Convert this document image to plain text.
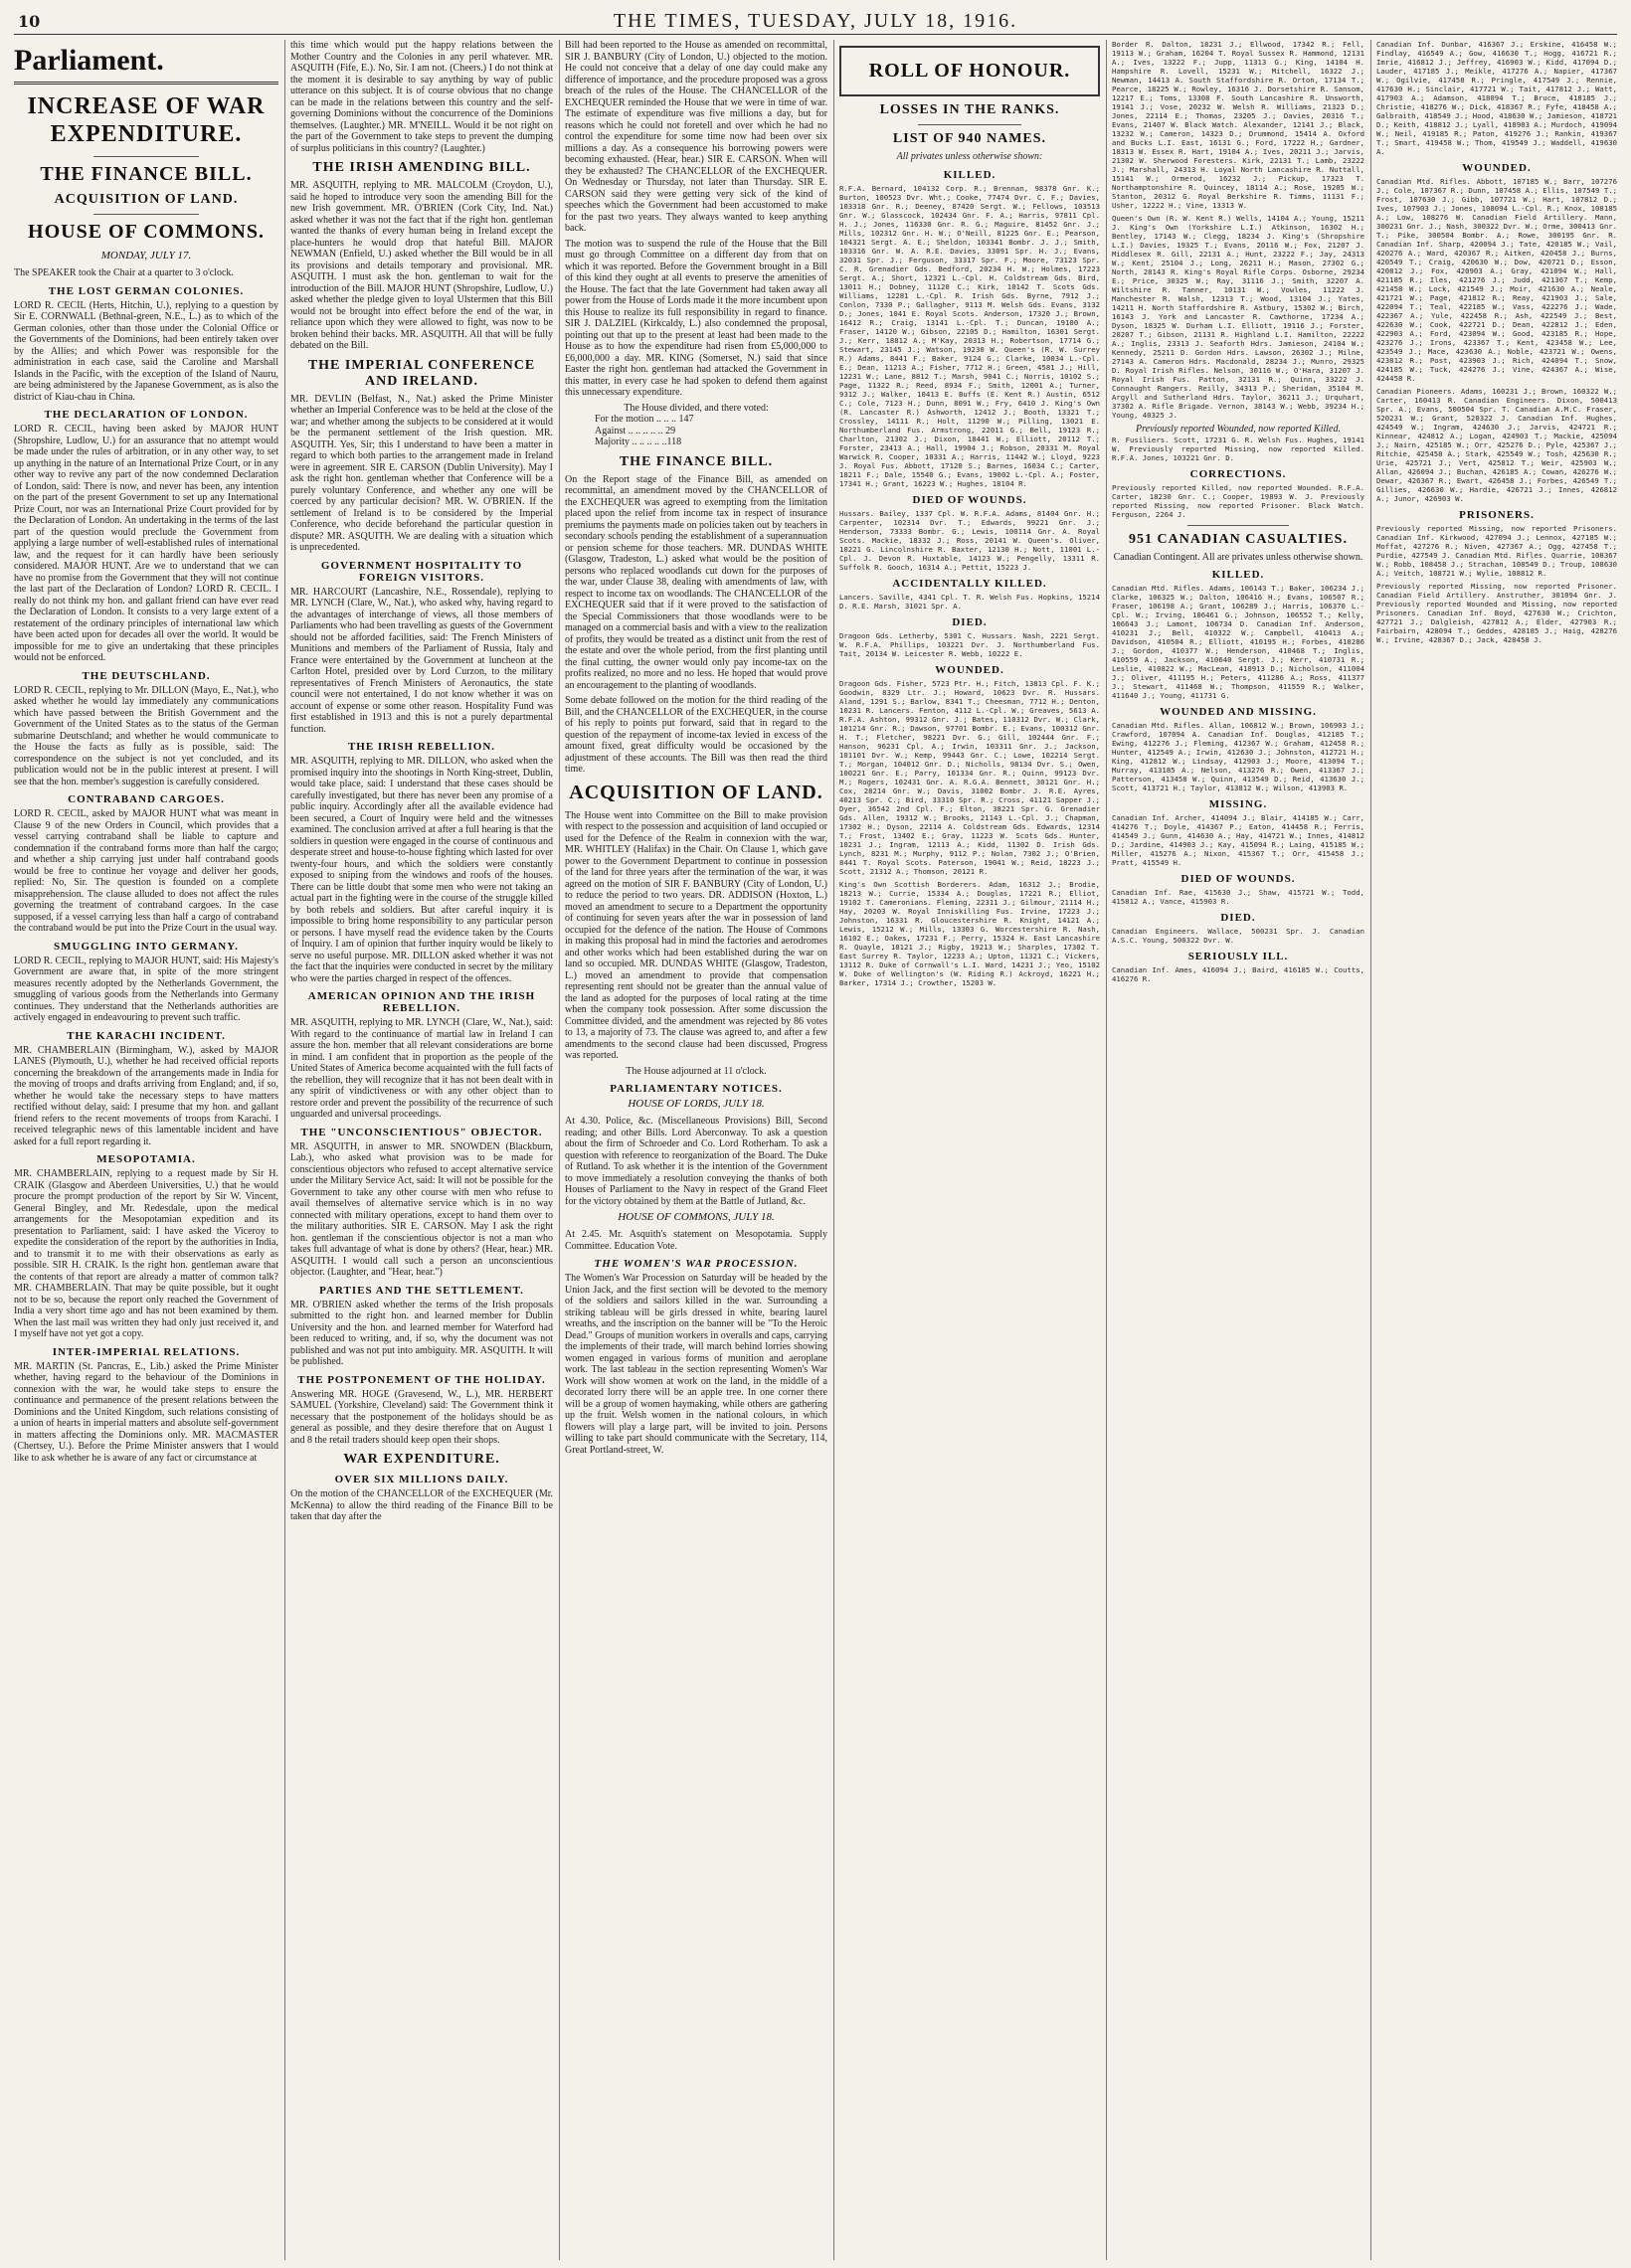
10	THE TIMES, TUESDAY, JULY 18, 1916.
Parliament.
INCREASE OF WAR EXPENDITURE.
THE FINANCE BILL.
ACQUISITION OF LAND.
HOUSE OF COMMONS.
MONDAY, JULY 17.
The SPEAKER took the Chair at a quarter to 3 o'clock.
THE LOST GERMAN COLONIES.
LORD R. CECIL (Herts, Hitchin, U.), replying to a question by Sir E. CORNWALL (Bethnal-green, N.E., L.) as to which of the German colonies, other than those under the Colonial Office or the Governments of the Dominions, had been entirely taken over by the Allies; and which Power was responsible for the administration in each case, said the Caroline and Marshall Islands in the Pacific, with the exception of the Island of Nauru, are being administered by the Japanese Government, as is also the district of Kiau-chau in China.
THE DECLARATION OF LONDON.
LORD R. CECIL, having been asked by MAJOR HUNT (Shropshire, Ludlow, U.) for an assurance that no attempt would be made under the rules of arbitration, or in any other way, to set up anything in the nature of an International Prize Court, or in any other way to revive any part of the now condemned Declaration of London, said: There is now, and never has been, any intention on the part of the present Government to set up any International Prize Court, nor was an International Prize Court provided for by the Declaration of London. An undertaking in the terms of the last part of the question would preclude the Government from applying a large number of well-established rules of international law, and the request for it can hardly have been seriously considered. MAJOR HUNT. Are we to understand that we can have no promise from the Government that they will not continue the last part of the Declaration of London? LORD R. CECIL. I really do not think my hon. and gallant friend can have ever read the Declaration of London. It consists to a very large extent of a restatement of the ordinary principles of international law which have been acted upon for decades all over the world. It would be impossible for me to give an undertaking that these principles would not be enforced.
THE DEUTSCHLAND.
LORD R. CECIL, replying to Mr. DILLON (Mayo, E., Nat.), who asked whether he would lay immediately any communications which have passed between the British Government and the Government of the United States as to the status of the German submarine Deutschland; and whether he would communicate to the House the facts as fully as is possible, said: The correspondence on the subject is not yet concluded, and its publication would not be in the public interest at present. I will see that the hon. member's suggestion is carefully considered.
CONTRABAND CARGOES.
LORD R. CECIL, asked by MAJOR HUNT what was meant in Clause 9 of the new Orders in Council, which provides that a vessel carrying contraband shall be liable to capture and condemnation if the contraband forms more than half the cargo; and whether a ship carrying just under half contraband goods would be free to continue her voyage and deliver her goods, replied: No, Sir. The question is founded on a complete misapprehension. The clause alluded to does not affect the rules governing the treatment of contraband cargoes. In the case supposed, if a vessel carrying less than half a cargo of contraband the contraband would be put into the Prize Court in the usual way.
SMUGGLING INTO GERMANY.
LORD R. CECIL, replying to MAJOR HUNT, said: His Majesty's Government are aware that, in spite of the more stringent measures recently adopted by the Netherlands Government, the smuggling of various goods from the Netherlands into Germany continues. They understand that the Netherlands authorities are actively engaged in endeavouring to prevent such traffic.
THE KARACHI INCIDENT.
MR. CHAMBERLAIN (Birmingham, W.), asked by MAJOR LANES (Plymouth, U.), whether he had received official reports concerning the breakdown of the arrangements made in India for the moving of troops and drafts arriving from England; and, if so, whether he would take the necessary steps to have matters rectified without delay, said: I presume that my hon. and gallant friend refers to the recent movements of troops from Karachi. I received telegraphic news of this lamentable incident and have asked for a full report regarding it.
MESOPOTAMIA.
MR. CHAMBERLAIN, replying to a request made by Sir H. CRAIK (Glasgow and Aberdeen Universities, U.) that he would procure the prompt production of the report by Sir W. Vincent, General Bingley, and Mr. Redesdale, upon the medical arrangements for the Mesopotamian expedition and its presentation to Parliament, said: I have asked the Viceroy to expedite the consideration of the report by the authorities in India, and to transmit it to me with their observations as early as possible. SIR H. CRAIK. Is the right hon. gentleman aware that the contents of that report are already a matter of common talk? MR. CHAMBERLAIN. That may be quite possible, but it ought not to be so, because the report only reached the Government of India a very short time ago and has not been examined by them. When the last mail was written they had only just received it, and I myself have not yet got a copy.
INTER-IMPERIAL RELATIONS.
MR. MARTIN (St. Pancras, E., Lib.) asked the Prime Minister whether, having regard to the behaviour of the Dominions in connexion with the war, he would take steps to ensure the continuance and permanence of the present relations between the Dominions and the United Kingdom, such relations consisting of a union of hearts in imperial matters and absolute self-government in matters affecting the Dominions only. MR. MACMASTER (Chertsey, U.). Before the Prime Minister answers that I would like to ask whether he is aware of any fact or circumstance at
this time which would put the happy relations between the Mother Country and the Colonies in any peril whatever. MR. ASQUITH (Fife, E.). No, Sir. I am not. (Cheers.) I do not think at the moment it is desirable to say anything by way of public utterance on this subject. It is of course obvious that no change can be made in the relations between this country and the self-governing Dominions without the concurrence of the Dominions themselves. (Laughter.) MR. M'NEILL. Would it be not right on the part of the Government to take steps to prevent the dumping of surplus politicians in this country? (Laughter.)
THE IRISH AMENDING BILL.
MR. ASQUITH, replying to MR. MALCOLM (Croydon, U.), said he hoped to introduce very soon the amending Bill for the new Irish government. MR. O'BRIEN (Cork City, Ind. Nat.) asked whether it was not the fact that if the right hon. gentleman wanted the thanks of every human being in Ireland except the place-hunters he would drop that hateful Bill. MAJOR NEWMAN (Enfield, U.) asked whether the Bill would be in all its provisions and details temporary and provisional. MR. ASQUITH. I must ask the hon. gentleman to wait for the introduction of the Bill. MAJOR HUNT (Shropshire, Ludlow, U.) asked whether the pledge given to loyal Ulstermen that this Bill would not be brought into effect before the end of the war, in reliance upon which they were allowed to fight, was now to be broken behind their backs. MR. ASQUITH. All that will be fully debated on the Bill.
THE IMPERIAL CONFERENCE AND IRELAND.
MR. DEVLIN (Belfast, N., Nat.) asked the Prime Minister whether an Imperial Conference was to be held at the close of the war; and whether among the subjects to be considered at it would be the permanent settlement of the Irish question. MR. ASQUITH. Yes, Sir; this I understand to have been a matter in regard to which both parties to the arrangement made in Ireland were in agreement. SIR E. CARSON (Dublin University). May I ask the right hon. gentleman whether that Conference will be a purely voluntary Conference, and whether any one will be coerced by any particular decision? MR. W. O'BRIEN. If the settlement of Ireland is to be considered by the Imperial Conference, who decide beforehand the particular question in dispute? MR. ASQUITH. We are dealing with a situation which is unprecedented.
GOVERNMENT HOSPITALITY TO FOREIGN VISITORS.
MR. HARCOURT (Lancashire, N.E., Rossendale), replying to MR. LYNCH (Clare, W., Nat.), who asked why, having regard to the advantages of interchange of views, all those members of Parliaments who had been travelling as guests of the Government should not be afforded facilities, said: The French Ministers of Munitions and members of the Parliament of Russia, Italy and France were entertained by the Government at luncheon at the Carlton Hotel, presided over by Lord Curzon, to the military representatives of French Ministers of Aeronautics, the state council were not entertained, I do not know whether it was on account of expense or some other reason. Hospitality Fund was first established in 1913 and this is not a purely departmental function.
THE IRISH REBELLION.
MR. ASQUITH, replying to MR. DILLON, who asked when the promised inquiry into the shootings in North King-street, Dublin, would take place, said: I understand that these cases should be carefully investigated, but there has never been any promise of a public inquiry. Accordingly after all the available evidence had been secured, a Court of Inquiry were held and the witnesses examined. The conclusion arrived at after a full hearing is that the soldiers in question were engaged in the course of continuous and desperate street and house-to-house fighting which lasted for over twenty-four hours, and which the soldiers were constantly exposed to sniping from the windows and roofs of the houses. There can be little doubt that some men who were not taking an actual part in the fighting were in the course of the struggle killed by both rebels and soldiers. But after careful inquiry it is impossible to bring home responsibility to any particular person or persons. I have myself read the evidence taken by the Courts of Inquiry. I am of opinion that further inquiry would be likely to serve no useful purpose. MR. DILLON asked whether it was not the fact that the inquiries were conducted in secret by the military who were the parties charged in respect of the offences.
AMERICAN OPINION AND THE IRISH REBELLION.
MR. ASQUITH, replying to MR. LYNCH (Clare, W., Nat.), said: With regard to the continuance of martial law in Ireland I can assure the hon. member that all relevant considerations are borne in mind. I am confident that in proportion as the people of the United States of America become acquainted with the full facts of the rebellion, they will recognize that it has not been dealt with in any spirit of vindictiveness or with any other object than to restore order and prevent the possibility of the recurrence of such unguarded and universal proceedings.
THE "UNCONSCIENTIOUS" OBJECTOR.
MR. ASQUITH, in answer to MR. SNOWDEN (Blackburn, Lab.), who asked what provision was to be made for conscientious objectors who refused to accept alternative service under the Military Service Act, said: It will not be possible for the Government to take any other course with men who refuse to avail themselves of alternative service which is in no way connected with military operations, except to hand them over to the military authorities. SIR E. CARSON. May I ask the right hon. gentleman if the conscientious objector is not a man who takes full advantage of what is done by others? (Hear, hear.) MR. ASQUITH. I would call such a person an unconscientious objector. (Laughter, and "Hear, hear.")
PARTIES AND THE SETTLEMENT.
MR. O'BRIEN asked whether the terms of the Irish proposals submitted to the right hon. and learned member for Dublin University and the hon. and learned member for Waterford had been reduced to writing, and, if so, why the document was not published and was not put into ambiguity. MR. ASQUITH. It will be published.
THE POSTPONEMENT OF THE HOLIDAY.
Answering MR. HOGE (Gravesend, W., L.), MR. HERBERT SAMUEL (Yorkshire, Cleveland) said: The Government think it necessary that the postponement of the holidays should be as general as possible, and they desire therefore that on August 1 and 8 the retail traders should keep open their shops.
WAR EXPENDITURE.
OVER SIX MILLIONS DAILY.
On the motion of the CHANCELLOR of the EXCHEQUER (Mr. McKenna) to allow the third reading of the Finance Bill to be taken that day after the
Bill had been reported to the House as amended on recommittal, SIR J. BANBURY (City of London, U.) objected to the motion. He could not conceive that a delay of one day could make any difference of importance, and the procedure proposed was a gross breach of the rules of the House. The CHANCELLOR of the EXCHEQUER reminded the House that we were in time of war. The estimate of expenditure was five millions a day, but for reasons which he could not foretell and over which he had no control the expenditure for some time now had been over six millions a day. As a consequence his borrowing powers were becoming exhausted. (Hear, hear.) SIR E. CARSON. When will they be exhausted? The CHANCELLOR of the EXCHEQUER. On Wednesday or Thursday, not later than Thursday. SIR E. CARSON said they were getting very sick of the kind of speeches which the Government had been accustomed to make for the past two years. They always wanted to keep anything back.
The motion was to suspend the rule of the House that the Bill must go through Committee on a different day from that on which it was reported. Before the Government brought in a Bill of this kind they ought at all events to preserve the amenities of the House. The fact that the late Government had taken away all power from the House of Lords made it the more incumbent upon this House to realize its full responsibility in regard to finance. SIR J. DALZIEL (Kirkcaldy, L.) also condemned the proposal, pointing out that up to the present at least had been made to the House as to how the expenditure had risen from £5,000,000 to £6,000,000 a day. MR. KING (Somerset, N.) said that since Easter the right hon. gentleman had attacked the Government in this matter, in every case he had spoken to defend them against this unnecessary expenditure.
The House divided, and there voted:
For the motion .. .. .. 147
Against .. .. .. .. .. 29
Majority .. .. .. .. ..118
THE FINANCE BILL.
On the Report stage of the Finance Bill, as amended on recommittal, an amendment moved by the CHANCELLOR of the EXCHEQUER was agreed to exempting from the limitation placed upon the relief from income tax in respect of insurance premiums the payments made on policies taken out by teachers in secondary schools pending the establishment of a superannuation or pension scheme for those teachers. MR. DUNDAS WHITE (Glasgow, Tradeston, L.) asked what would be the position of persons who replaced woodlands cut down for the purposes of the war, under Clause 38, dealing with amendments of law, with respect to income tax on woodlands. The CHANCELLOR of the EXCHEQUER said that if it were proved to the satisfaction of the Special Commissioners that those woodlands were to be managed on a commercial basis and with a view to the realization of profits, they would be treated as a distinct unit from the rest of the estate and over the whole period, from the first planting until the final cutting, the owner would only pay income-tax on the profits realized, no more and no less. He hoped that would prove an encouragement to the planting of woodlands.
Some debate followed on the motion for the third reading of the Bill, and the CHANCELLOR of the EXCHEQUER, in the course of his reply to points put forward, said that in regard to the question of the repayment of income-tax levied in excess of the amount fixed, great difficulty would be occasioned by the adjustment of these accounts. The Bill was then read the third time.
ACQUISITION OF LAND.
The House went into Committee on the Bill to make provision with respect to the possession and acquisition of land occupied or used for the Defence of the Realm in connexion with the war, MR. WHITLEY (Halifax) in the Chair. On Clause 1, which gave power to the Government Department to continue in possession of the land for three years after the termination of the war, it was agreed on the motion of SIR F. BANBURY (City of London, U.) to reduce the period to two years. DR. ADDISON (Hoxton, L.) moved an amendment to secure to a Department the opportunity of continuing for seven years after the war in possession of land occupied for the defence of the nation. The House of Commons in making this proposal had in mind the factories and aerodromes and other works which had been established during the war on land so occupied. MR. DUNDAS WHITE (Glasgow, Tradeston, L.) moved an amendment to provide that compensation representing rent should not be greater than the annual value of the land as adopted for the purposes of local rating at the time when the company took possession. After some discussion the Committee divided, and the amendment was rejected by 86 votes to 13, a majority of 73. The clause was agreed to, and after a few amendments to the second clause had been discussed, Progress was reported.
The House adjourned at 11 o'clock.
PARLIAMENTARY NOTICES.
HOUSE OF LORDS, JULY 18.
At 4.30. Police, &c. (Miscellaneous Provisions) Bill, Second reading; and other Bills. Lord Aberconway. To ask a question about the firm of Schroeder and Co. Lord Rotherham. To ask a question with reference to reorganization of the Board. The Duke of Rutland. To ask whether it is the intention of the Government to move immediately a resolution conveying the thanks of both Houses of Parliament to the Navy in respect of the Grand Fleet for the victory obtained by them at the Battle of Jutland, &c.
HOUSE OF COMMONS, JULY 18.
At 2.45. Mr. Asquith's statement on Mesopotamia. Supply Committee. Education Vote.
THE WOMEN'S WAR PROCESSION.
The Women's War Procession on Saturday will be headed by the Union Jack, and the first section will be devoted to the memory of the soldiers and sailors killed in the war. Surrounding a striking tableau will be girls dressed in white, bearing laurel wreaths, and the inscription on the banner will be "To the Heroic Dead." Groups of munition workers in overalls and caps, carrying the implements of their trade, will march behind lorries showing women engaged in various forms of munition and aeroplane work. The last tableau in the section representing Women's War Work will show women at work on the land, in the middle of a decorated lorry there will be an apple tree. In one corner there will be a group of women haymaking, while others are gathering up the fruit. Welsh women in the national colours, in which flowers will play a large part, will be invited to join. Persons willing to take part should communicate with the Secretary, 114, Great Portland-street, W.
ROLL OF HONOUR.
LOSSES IN THE RANKS.
LIST OF 940 NAMES.
All privates unless otherwise shown:
KILLED.
R.F.A. Bernard, 104132 Corp. R.; Brennan, 98378 Gnr. K.; Burton, 100523 Dvr. Wht.; Cooke, 77474 Dvr. C. F.; Davies, 103318 Gnr. R.; Deeney, 87420 Sergt. W.; Fellows, 103513 Gnr. W.; Glasscock, 102434 Gnr. F. A.; Harris, 97811 Cpl. H. J.; Jones, 116330 Gnr. R. G.; Maguire, 81452 Gnr. J.; Mills, 102312 Gnr. H. W.; O'Neill, 81225 Gnr. E.; Pearson, 104321 Sergt. A. E.; Sheldon, 103341 Bombr. J. J.; Smith, 103316 Gnr. W. A. R.E. Davies, 33091 Spr. H. J.; Evans, 32031 Spr. J.; Ferguson, 33317 Spr. F.; Moore, 73123 Spr. C. R. Grenadier Gds. Bedford, 20234 H. W.; Holmes, 17223 Sergt. A.; Short, 12321 L.-Cpl. H. Coldstream Gds. Bird, 13011 H.; Dobney, 11120 C.; Kirk, 10142 T. Scots Gds. Williams, 12281 L.-Cpl. R. Irish Gds. Byrne, 7912 J.; Conlon, 7330 P.; Gallagher, 9113 M. Welsh Gds. Evans, 3132 D.; Jones, 1041 E. Royal Scots. Anderson, 17320 J.; Brown, 16412 R.; Craig, 13141 L.-Cpl. T.; Duncan, 19100 A.; Fraser, 14120 W.; Gibson, 22105 D.; Hamilton, 16301 Sergt. J.; Kerr, 18812 A.; M'Kay, 20313 H.; Robertson, 17714 G.; Stewart, 23145 J.; Watson, 19230 W. Queen's (R. W. Surrey R.) Adams, 8441 F.; Baker, 9124 G.; Clarke, 10034 L.-Cpl. E.; Dean, 11213 A.; Fisher, 7712 H.; Green, 4581 J.; Hill, 12231 W.; Lane, 8812 T.; Marsh, 9041 C.; Norris, 10102 S.; Page, 11322 R.; Reed, 8934 F.; Smith, 12001 A.; Turner, 9312 J.; Walker, 10413 E. Buffs (E. Kent R.) Austin, 6512 C.; Cole, 7123 H.; Dunn, 8091 W.; Fry, 6410 J. King's Own (R. Lancaster R.) Ashworth, 12412 J.; Booth, 13321 T.; Crossley, 14111 R.; Holt, 11290 W.; Pilling, 13021 E. Northumberland Fus. Armstrong, 22011 G.; Bell, 19123 R.; Charlton, 21302 J.; Dixon, 18441 W.; Elliott, 20112 T.; Forster, 23413 A.; Hall, 19904 J.; Robson, 20331 M. Royal Warwick R. Cooper, 10331 A.; Harris, 11442 W.; Lloyd, 9223 J. Royal Fus. Abbott, 17120 S.; Barnes, 16034 C.; Carter, 18211 F.; Dale, 15540 G.; Evans, 19002 L.-Cpl. A.; Foster, 17341 H.; Grant, 16223 W.; Hughes, 18104 R.
DIED OF WOUNDS.
Hussars. Bailey, 1337 Cpl. W. R.F.A. Adams, 81404 Gnr. H.; Carpenter, 102314 Dvr. T.; Edwards, 99221 Gnr. J.; Henderson, 73333 Bombr. G.; Lewis, 100114 Gnr. A. Royal Scots. Mackie, 18332 J.; Ross, 20141 W. Queen's. Oliver, 10221 G. Lincolnshire R. Baxter, 12130 H.; Nott, 11001 L.-Cpl. J. Devon R. Huxtable, 14123 W.; Pengelly, 13311 R. Suffolk R. Gooch, 16314 A.; Pettit, 15223 J.
ACCIDENTALLY KILLED.
Lancers. Saville, 4341 Cpl. T. R. Welsh Fus. Hopkins, 15214 D. R.E. Marsh, 31021 Spr. A.
DIED.
Dragoon Gds. Letherby, 5301 C. Hussars. Nash, 2221 Sergt. W. R.F.A. Phillips, 103221 Dvr. J. Northumberland Fus. Tait, 20134 W. Leicester R. Webb, 10222 E.
WOUNDED.
Dragoon Gds. Fisher, 5723 Ptr. H.; Fitch, 13813 Cpl. F. K.; Goodwin, 8329 Ltr. J.; Howard, 10623 Dvr. R. Hussars. Aland, 1291 S.; Barlow, 8341 T.; Cheesman, 7712 H.; Denton, 10231 R. Lancers. Fenton, 4112 L.-Cpl. W.; Greaves, 5613 A. R.F.A. Ashton, 99312 Gnr. J.; Bates, 110312 Dvr. W.; Clark, 101214 Gnr. R.; Dawson, 97701 Bombr. E.; Evans, 100312 Gnr. H. T.; Fletcher, 98221 Dvr. G.; Gill, 102444 Gnr. F.; Hanson, 96231 Cpl. A.; Irwin, 103311 Gnr. J.; Jackson, 101101 Dvr. W.; Kemp, 99443 Gnr. C.; Lowe, 102214 Sergt. T.; Morgan, 104012 Gnr. D.; Nicholls, 98134 Dvr. S.; Owen, 100221 Gnr. E.; Parry, 101334 Gnr. R.; Quinn, 99123 Dvr. M.; Rogers, 102431 Gnr. A. R.G.A. Bennett, 30121 Gnr. H.; Cox, 28214 Gnr. W.; Davis, 31002 Bombr. J. R.E. Ayres, 40213 Spr. C.; Bird, 33310 Spr. R.; Cross, 41121 Sapper J.; Dyer, 36542 2nd Cpl. F.; Elton, 38221 Spr. G. Grenadier Gds. Allen, 19312 W.; Brooks, 21143 L.-Cpl. J.; Chapman, 17302 H.; Dyson, 22114 A. Coldstream Gds. Edwards, 12314 T.; Frost, 13402 E.; Gray, 11223 W. Scots Gds. Hunter, 10231 J.; Ingram, 12113 A.; Kidd, 11302 D. Irish Gds. Lynch, 8231 M.; Murphy, 9112 P.; Nolan, 7302 J.; O'Brien, 8441 T. Royal Scots. Paterson, 19041 W.; Reid, 18223 J.; Scott, 21312 A.; Thomson, 20121 R.
King's Own Scottish Borderers. Adam, 16312 J.; Brodie, 18213 W.; Currie, 15334 A.; Douglas, 17221 R.; Elliot, 19102 T. Cameronians. Fleming, 22311 J.; Gilmour, 21114 H.; Hay, 20203 W. Royal Inniskilling Fus. Irvine, 17223 J.; Johnston, 16331 R. Gloucestershire R. Knight, 14121 A.; Lewis, 15212 W.; Mills, 13303 G. Worcestershire R. Nash, 16102 E.; Oakes, 17231 F.; Perry, 15324 H. East Lancashire R. Quayle, 18121 J.; Rigby, 19213 W.; Sharples, 17302 T. East Surrey R. Taylor, 12233 A.; Upton, 11321 C.; Vickers, 13112 R. Duke of Cornwall's L.I. Ward, 14231 J.; Yeo, 15102 W. Duke of Wellington's (W. Riding R.) Ackroyd, 16221 H.; Barker, 17314 J.; Crowther, 15203 W.
Border R. Dalton, 18231 J.; Ellwood, 17342 R.; Fell, 19113 W.; Graham, 16204 T. Royal Sussex R. Hammond, 12131 A.; Ives, 13222 F.; Jupp, 11313 G.; King, 14104 H. Hampshire R. Lovell, 15231 W.; Mitchell, 16322 J.; Newman, 14413 A. South Staffordshire R. Orton, 17134 T.; Pearce, 18225 W.; Rowley, 16316 J. Dorsetshire R. Sansom, 12217 E.; Toms, 13308 F. South Lancashire R. Unsworth, 19141 J.; Vose, 20232 W. Welsh R. Williams, 21323 D.; Jones, 22114 E.; Thomas, 23205 J.; Davies, 20316 T.; Evans, 21407 W. Black Watch. Alexander, 12141 J.; Black, 13232 W.; Cameron, 14323 D.; Drummond, 15414 A. Oxford and Bucks L.I. East, 16131 G.; Ford, 17222 H.; Gardner, 18313 W. Essex R. Hart, 19104 A.; Ives, 20211 J.; Jarvis, 21302 W. Sherwood Foresters. Kirk, 22131 T.; Lamb, 23222 J.; Marshall, 24313 H. Loyal North Lancashire R. Nuttall, 15141 W.; Ormerod, 16232 J.; Pickup, 17323 T. Northamptonshire R. Quincey, 18114 A.; Rose, 19205 W.; Stanton, 20312 G. Royal Berkshire R. Timms, 11131 F.; Usher, 12222 H.; Vine, 13313 W.
Queen's Own (R. W. Kent R.) Wells, 14104 A.; Young, 15211 J. King's Own (Yorkshire L.I.) Atkinson, 16302 H.; Bentley, 17143 W.; Clegg, 18234 J. King's (Shropshire L.I.) Davies, 19325 T.; Evans, 20116 W.; Fox, 21207 J. Middlesex R. Gill, 22131 A.; Hunt, 23222 F.; Jay, 24313 W.; Kent, 25104 J.; Long, 26211 H.; Mason, 27302 G.; North, 28143 R. King's Royal Rifle Corps. Osborne, 29234 E.; Price, 30325 W.; Ray, 31116 J.; Smith, 32207 A. Wiltshire R. Tanner, 10131 W.; Vowles, 11222 J. Manchester R. Walsh, 12313 T.; Wood, 13104 J.; Yates, 14211 H. North Staffordshire R. Astbury, 15302 W.; Birch, 16143 J. York and Lancaster R. Cawthorne, 17234 A.; Dyson, 18325 W. Durham L.I. Elliott, 19116 J.; Forster, 20207 T.; Gibson, 21131 R. Highland L.I. Hamilton, 22222 A.; Inglis, 23313 J. Seaforth Hdrs. Jamieson, 24104 W.; Kennedy, 25211 D. Gordon Hdrs. Lawson, 26302 J.; Milne, 27143 A. Cameron Hdrs. Macdonald, 28234 J.; Munro, 29325 D. Royal Irish Rifles. Nelson, 30116 W.; O'Hara, 31207 J. Royal Irish Fus. Patton, 32131 R.; Quinn, 33222 J. Connaught Rangers. Reilly, 34313 P.; Sheridan, 35104 M. Argyll and Sutherland Hdrs. Taylor, 36211 J.; Urquhart, 37302 A. Rifle Brigade. Vernon, 38143 W.; Webb, 39234 H.; Young, 40325 J.
Previously reported Wounded, now reported Killed.
R. Fusiliers. Scott, 17231 G. R. Welsh Fus. Hughes, 19141 W. Previously reported Missing, now reported Killed. R.F.A. Jones, 103221 Gnr. D.
CORRECTIONS.
Previously reported Killed, now reported Wounded. R.F.A. Carter, 18230 Gnr. C.; Cooper, 19893 W. J. Previously reported Missing, now reported Prisoner. Black Watch. Ferguson, 2264 J.
951 CANADIAN CASUALTIES.
Canadian Contingent. All are privates unless otherwise shown.
KILLED.
Canadian Mtd. Rifles. Adams, 106143 T.; Baker, 106234 J.; Clarke, 106325 W.; Dalton, 106416 H.; Evans, 106507 R.; Fraser, 106198 A.; Grant, 106289 J.; Harris, 106370 L.-Cpl. W.; Irving, 106461 G.; Johnson, 106552 T.; Kelly, 106643 J.; Lamont, 106734 D. Canadian Inf. Anderson, 410231 J.; Bell, 410322 W.; Campbell, 410413 A.; Davidson, 410504 R.; Elliott, 410195 H.; Forbes, 410286 J.; Gordon, 410377 W.; Henderson, 410468 T.; Inglis, 410559 A.; Jackson, 410640 Sergt. J.; Kerr, 410731 R.; Leslie, 410822 W.; MacLean, 410913 D.; Nicholson, 411004 J.; Oliver, 411195 H.; Peters, 411286 A.; Ross, 411377 J.; Stewart, 411468 W.; Thompson, 411559 R.; Walker, 411640 J.; Young, 411731 G.
WOUNDED AND MISSING.
Canadian Mtd. Rifles. Allan, 106812 W.; Brown, 106903 J.; Crawford, 107094 A. Canadian Inf. Douglas, 412185 T.; Ewing, 412276 J.; Fleming, 412367 W.; Graham, 412458 R.; Hunter, 412549 A.; Irwin, 412630 J.; Johnston, 412721 H.; King, 412812 W.; Lindsay, 412903 J.; Moore, 413094 T.; Murray, 413185 A.; Nelson, 413276 R.; Owen, 413367 J.; Patterson, 413458 W.; Quinn, 413549 D.; Reid, 413630 J.; Scott, 413721 H.; Taylor, 413812 W.; Wilson, 413903 R.
MISSING.
Canadian Inf. Archer, 414094 J.; Blair, 414185 W.; Carr, 414276 T.; Doyle, 414367 P.; Eaton, 414458 R.; Ferris, 414549 J.; Gunn, 414630 A.; Hay, 414721 W.; Innes, 414812 D.; Jardine, 414903 J.; Kay, 415094 R.; Laing, 415185 W.; Miller, 415276 A.; Nixon, 415367 T.; Orr, 415458 J.; Pratt, 415549 H.
DIED OF WOUNDS.
Canadian Inf. Rae, 415630 J.; Shaw, 415721 W.; Todd, 415812 A.; Vance, 415903 R.
DIED.
Canadian Engineers. Wallace, 500231 Spr. J. Canadian A.S.C. Young, 500322 Dvr. W.
SERIOUSLY ILL.
Canadian Inf. Ames, 416094 J.; Baird, 416185 W.; Coutts, 416276 R.
Canadian Inf. Dunbar, 416367 J.; Erskine, 416458 W.; Findlay, 416549 A.; Gow, 416630 T.; Hogg, 416721 R.; Imrie, 416812 J.; Jeffrey, 416903 W.; Kidd, 417094 D.; Lauder, 417185 J.; Meikle, 417276 A.; Napier, 417367 W.; Ogilvie, 417458 R.; Pringle, 417549 J.; Rennie, 417630 H.; Sinclair, 417721 W.; Tait, 417812 J.; Watt, 417903 A.; Adamson, 418094 T.; Bruce, 418185 J.; Christie, 418276 W.; Dick, 418367 R.; Fyfe, 418458 A.; Galbraith, 418549 J.; Hood, 418630 W.; Jamieson, 418721 D.; Keith, 418812 J.; Lyall, 418903 A.; Murdoch, 419094 W.; Neil, 419185 R.; Paton, 419276 J.; Rankin, 419367 T.; Smart, 419458 W.; Thom, 419549 J.; Waddell, 419630 A.
WOUNDED.
Canadian Mtd. Rifles. Abbott, 107185 W.; Barr, 107276 J.; Cole, 107367 R.; Dunn, 107458 A.; Ellis, 107549 T.; Frost, 107630 J.; Gibb, 107721 W.; Hart, 107812 D.; Ives, 107903 J.; Jones, 108094 L.-Cpl. R.; Knox, 108185 A.; Low, 108276 W. Canadian Field Artillery. Mann, 300231 Gnr. J.; Nash, 300322 Dvr. W.; Orme, 300413 Gnr. T.; Pike, 300504 Bombr. A.; Rowe, 300195 Gnr. R. Canadian Inf. Sharp, 420094 J.; Tate, 420185 W.; Vail, 420276 A.; Ward, 420367 R.; Aitken, 420458 J.; Burns, 420549 T.; Craig, 420630 W.; Dow, 420721 D.; Esson, 420812 J.; Fox, 420903 A.; Gray, 421094 W.; Hall, 421185 R.; Iles, 421276 J.; Judd, 421367 T.; Kemp, 421458 W.; Lock, 421549 J.; Moir, 421630 A.; Neale, 421721 W.; Page, 421812 R.; Reay, 421903 J.; Sale, 422094 T.; Teal, 422185 W.; Vass, 422276 J.; Wade, 422367 A.; Yule, 422458 R.; Ash, 422549 J.; Best, 422630 W.; Cook, 422721 D.; Dean, 422812 J.; Eden, 422903 A.; Ford, 423094 W.; Good, 423185 R.; Hope, 423276 J.; Irons, 423367 T.; Kent, 423458 W.; Lee, 423549 J.; Mace, 423630 A.; Noble, 423721 W.; Owens, 423812 R.; Post, 423903 J.; Rich, 424094 T.; Snow, 424185 W.; Tuck, 424276 J.; Vine, 424367 A.; Wise, 424458 R.
Canadian Pioneers. Adams, 160231 J.; Brown, 160322 W.; Carter, 160413 R. Canadian Engineers. Dixon, 500413 Spr. A.; Evans, 500504 Spr. T. Canadian A.M.C. Fraser, 520231 W.; Grant, 520322 J. Canadian Inf. Hughes, 424549 W.; Ingram, 424630 J.; Jarvis, 424721 R.; Kinnear, 424812 A.; Logan, 424903 T.; Mackie, 425094 J.; Nairn, 425185 W.; Orr, 425276 D.; Pyle, 425367 J.; Ritchie, 425458 A.; Stark, 425549 W.; Tosh, 425630 R.; Urie, 425721 J.; Vert, 425812 T.; Weir, 425903 W.; Allan, 426094 J.; Buchan, 426185 A.; Cowan, 426276 W.; Dewar, 426367 R.; Ewart, 426458 J.; Forbes, 426549 T.; Gillies, 426630 W.; Hardie, 426721 J.; Innes, 426812 A.; Junor, 426903 W.
PRISONERS.
Previously reported Missing, now reported Prisoners. Canadian Inf. Kirkwood, 427094 J.; Lennox, 427185 W.; Moffat, 427276 R.; Niven, 427367 A.; Ogg, 427458 T.; Purdie, 427549 J. Canadian Mtd. Rifles. Quarrie, 108367 W.; Robb, 108458 J.; Strachan, 108549 D.; Troup, 108630 A.; Veitch, 108721 W.; Wylie, 108812 R.
Previously reported Missing, now reported Prisoner. Canadian Field Artillery. Anstruther, 301094 Gnr. J. Previously reported Wounded and Missing, now reported Prisoners. Canadian Inf. Boyd, 427630 W.; Crichton, 427721 J.; Dalgleish, 427812 A.; Elder, 427903 R.; Fairbairn, 428094 T.; Geddes, 428185 J.; Haig, 428276 W.; Irvine, 428367 D.; Jack, 428458 J.
